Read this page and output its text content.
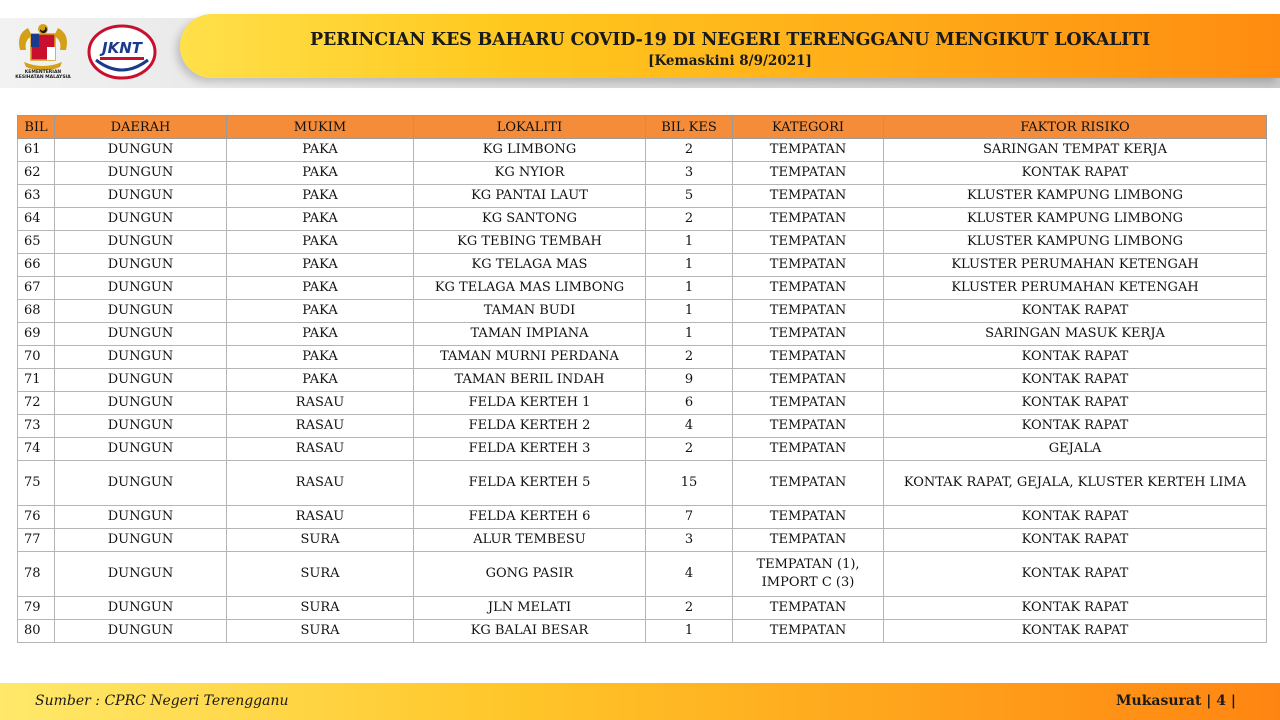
PERINCIAN KES BAHARU COVID-19 DI NEGERI TERENGGANU MENGIKUT LOKALITI
[Kemaskini 8/9/2021]
KEMENTERIAN KESIHATAN MALAYSIA
JKNT
BIL	DAERAH	MUKIM	LOKALITI	BIL KES	KATEGORI	FAKTOR RISIKO
61	DUNGUN	PAKA	KG LIMBONG	2	TEMPATAN	SARINGAN TEMPAT KERJA
62	DUNGUN	PAKA	KG NYIOR	3	TEMPATAN	KONTAK RAPAT
63	DUNGUN	PAKA	KG PANTAI LAUT	5	TEMPATAN	KLUSTER KAMPUNG LIMBONG
64	DUNGUN	PAKA	KG SANTONG	2	TEMPATAN	KLUSTER KAMPUNG LIMBONG
65	DUNGUN	PAKA	KG TEBING TEMBAH	1	TEMPATAN	KLUSTER KAMPUNG LIMBONG
66	DUNGUN	PAKA	KG TELAGA MAS	1	TEMPATAN	KLUSTER PERUMAHAN KETENGAH
67	DUNGUN	PAKA	KG TELAGA MAS LIMBONG	1	TEMPATAN	KLUSTER PERUMAHAN KETENGAH
68	DUNGUN	PAKA	TAMAN BUDI	1	TEMPATAN	KONTAK RAPAT
69	DUNGUN	PAKA	TAMAN IMPIANA	1	TEMPATAN	SARINGAN MASUK KERJA
70	DUNGUN	PAKA	TAMAN MURNI PERDANA	2	TEMPATAN	KONTAK RAPAT
71	DUNGUN	PAKA	TAMAN BERIL INDAH	9	TEMPATAN	KONTAK RAPAT
72	DUNGUN	RASAU	FELDA KERTEH 1	6	TEMPATAN	KONTAK RAPAT
73	DUNGUN	RASAU	FELDA KERTEH 2	4	TEMPATAN	KONTAK RAPAT
74	DUNGUN	RASAU	FELDA KERTEH 3	2	TEMPATAN	GEJALA
75	DUNGUN	RASAU	FELDA KERTEH 5	15	TEMPATAN	KONTAK RAPAT, GEJALA, KLUSTER KERTEH LIMA
76	DUNGUN	RASAU	FELDA KERTEH 6	7	TEMPATAN	KONTAK RAPAT
77	DUNGUN	SURA	ALUR TEMBESU	3	TEMPATAN	KONTAK RAPAT
78	DUNGUN	SURA	GONG PASIR	4	TEMPATAN (1), IMPORT C (3)	KONTAK RAPAT
79	DUNGUN	SURA	JLN MELATI	2	TEMPATAN	KONTAK RAPAT
80	DUNGUN	SURA	KG BALAI BESAR	1	TEMPATAN	KONTAK RAPAT
Sumber : CPRC Negeri Terengganu	Mukasurat | 4 |
